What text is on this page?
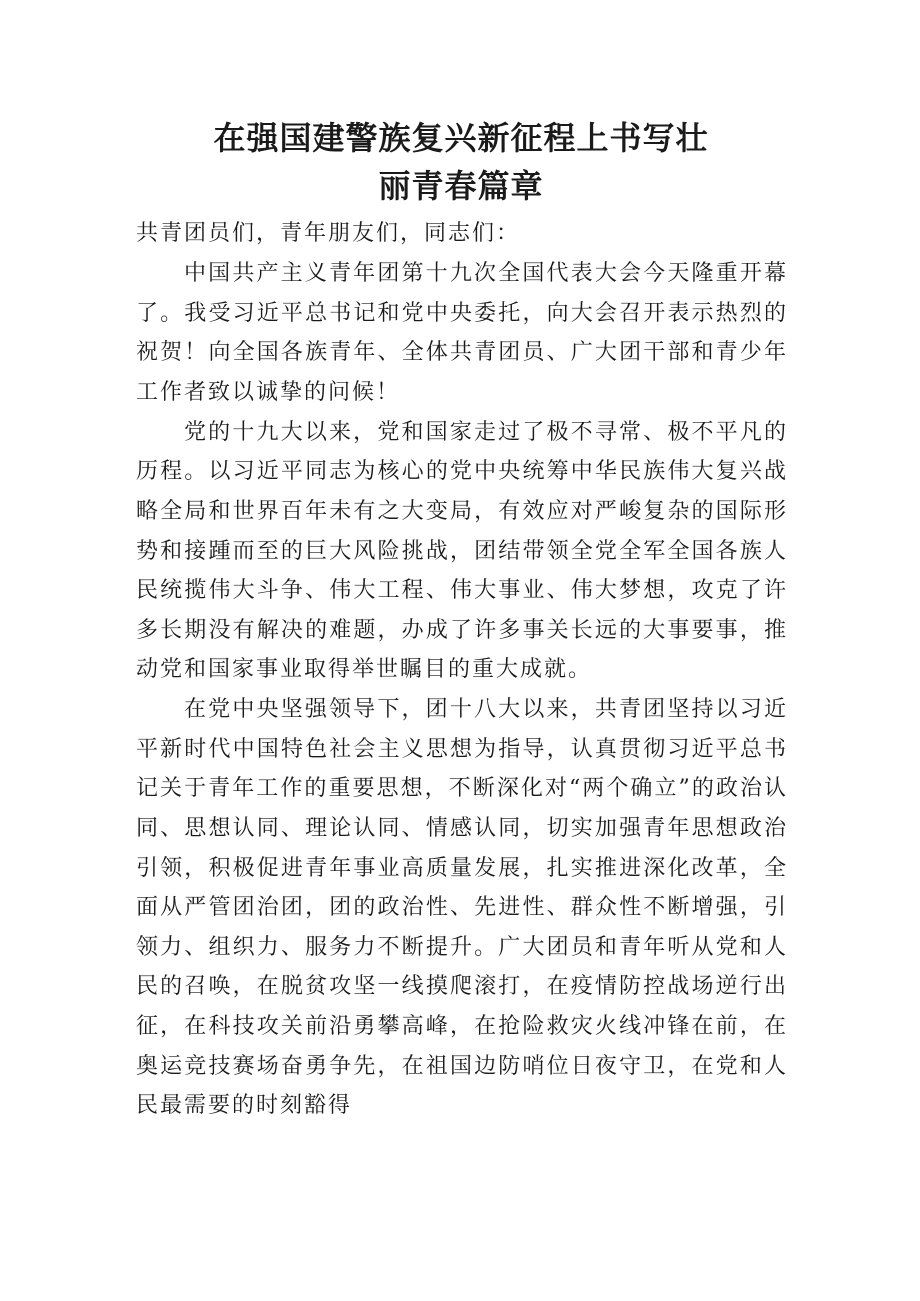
在强国建警族复兴新征程上书写壮
丽青春篇章

共青团员们，青年朋友们，同志们：

中国共产主义青年团第十九次全国代表大会今天隆重开幕了。我受习近平总书记和党中央委托，向大会召开表示热烈的祝贺！向全国各族青年、全体共青团员、广大团干部和青少年工作者致以诚挚的问候！

党的十九大以来，党和国家走过了极不寻常、极不平凡的历程。以习近平同志为核心的党中央统筹中华民族伟大复兴战略全局和世界百年未有之大变局，有效应对严峻复杂的国际形势和接踵而至的巨大风险挑战，团结带领全党全军全国各族人民统揽伟大斗争、伟大工程、伟大事业、伟大梦想，攻克了许多长期没有解决的难题，办成了许多事关长远的大事要事，推动党和国家事业取得举世瞩目的重大成就。

在党中央坚强领导下，团十八大以来，共青团坚持以习近平新时代中国特色社会主义思想为指导，认真贯彻习近平总书记关于青年工作的重要思想，不断深化对“两个确立”的政治认同、思想认同、理论认同、情感认同，切实加强青年思想政治引领，积极促进青年事业高质量发展，扎实推进深化改革，全面从严管团治团，团的政治性、先进性、群众性不断增强，引领力、组织力、服务力不断提升。广大团员和青年听从党和人民的召唤，在脱贫攻坚一线摸爬滚打，在疫情防控战场逆行出征，在科技攻关前沿勇攀高峰，在抢险救灾火线冲锋在前，在奥运竞技赛场奋勇争先，在祖国边防哨位日夜守卫，在党和人民最需要的时刻豁得
